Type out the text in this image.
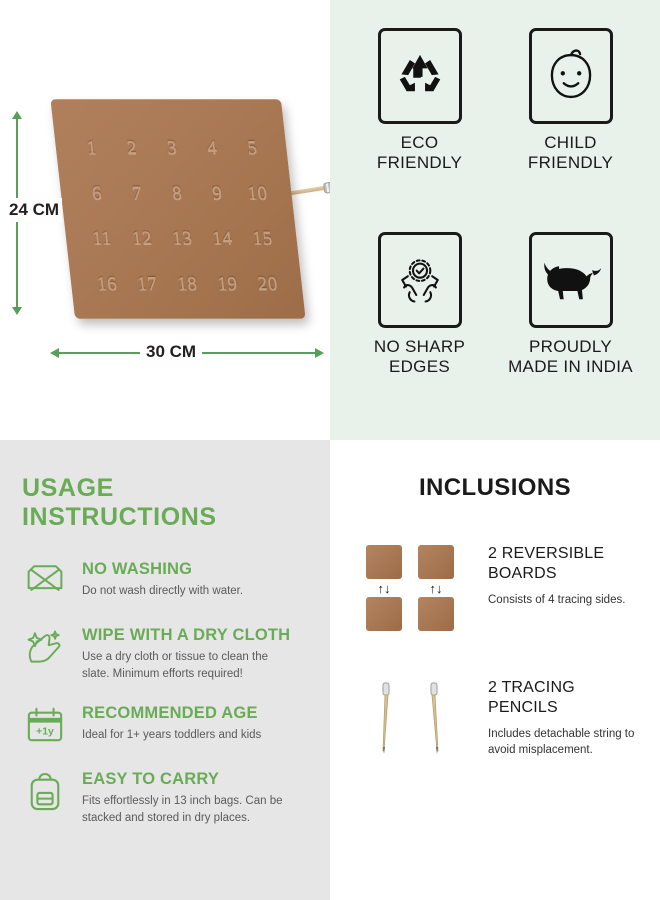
1 2 3 4 5
6 7 8 9 10
11 12 13 14 15
16 17 18 19 20
24 CM
30 CM
ECO
FRIENDLY
CHILD
FRIENDLY
NO SHARP
EDGES
PROUDLY
MADE IN INDIA
USAGE INSTRUCTIONS
NO WASHING
Do not wash directly with water.
WIPE WITH A DRY CLOTH
Use a dry cloth or tissue to clean the slate. Minimum efforts required!
+1y
RECOMMENDED AGE
Ideal for 1+ years toddlers and kids
EASY TO CARRY
Fits effortlessly in 13 inch bags. Can be stacked and stored in dry places.
INCLUSIONS
↑↓	↑↓
2 REVERSIBLE
BOARDS
Consists of 4 tracing sides.
2 TRACING
PENCILS
Includes detachable string to avoid misplacement.
